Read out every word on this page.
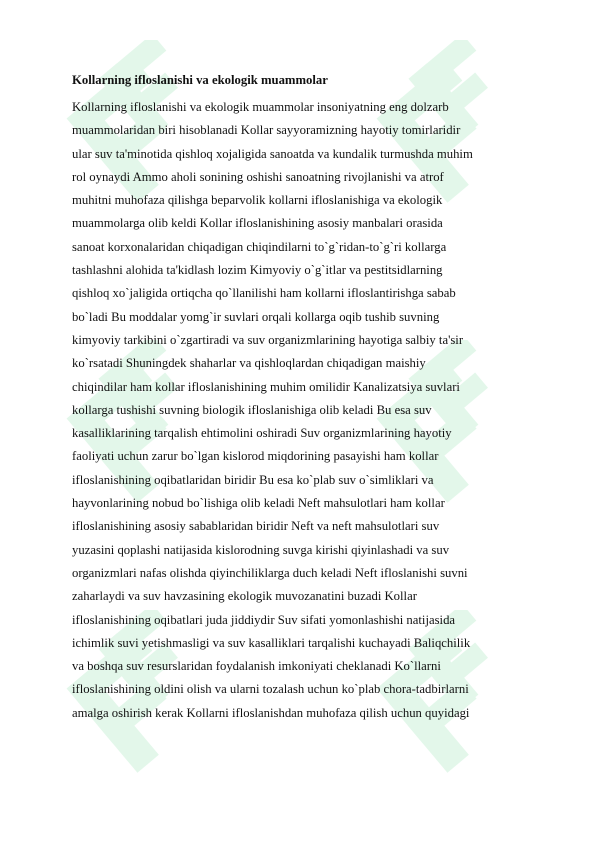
Kollarning ifloslanishi va ekologik muammolar
Kollarning ifloslanishi va ekologik muammolar insoniyatning eng dolzarb
muammolaridan biri hisoblanadi Kollar sayyoramizning hayotiy tomirlaridir
ular suv ta'minotida qishloq xojaligida sanoatda va kundalik turmushda muhim
rol oynaydi Ammo aholi sonining oshishi sanoatning rivojlanishi va atrof
muhitni muhofaza qilishga beparvolik kollarni ifloslanishiga va ekologik
muammolarga olib keldi Kollar ifloslanishining asosiy manbalari orasida
sanoat korxonalaridan chiqadigan chiqindilarni to`g`ridan-to`g`ri kollarga
tashlashni alohida ta'kidlash lozim Kimyoviy o`g`itlar va pestitsidlarning
qishloq xo`jaligida ortiqcha qo`llanilishi ham kollarni ifloslantirishga sabab
bo`ladi Bu moddalar yomg`ir suvlari orqali kollarga oqib tushib suvning
kimyoviy tarkibini o`zgartiradi va suv organizmlarining hayotiga salbiy ta'sir
ko`rsatadi Shuningdek shaharlar va qishloqlardan chiqadigan maishiy
chiqindilar ham kollar ifloslanishining muhim omilidir Kanalizatsiya suvlari
kollarga tushishi suvning biologik ifloslanishiga olib keladi Bu esa suv
kasalliklarining tarqalish ehtimolini oshiradi Suv organizmlarining hayotiy
faoliyati uchun zarur bo`lgan kislorod miqdorining pasayishi ham kollar
ifloslanishining oqibatlaridan biridir Bu esa ko`plab suv o`simliklari va
hayvonlarining nobud bo`lishiga olib keladi Neft mahsulotlari ham kollar
ifloslanishining asosiy sabablaridan biridir Neft va neft mahsulotlari suv
yuzasini qoplashi natijasida kislorodning suvga kirishi qiyinlashadi va suv
organizmlari nafas olishda qiyinchiliklarga duch keladi Neft ifloslanishi suvni
zaharlaydi va suv havzasining ekologik muvozanatini buzadi Kollar
ifloslanishining oqibatlari juda jiddiydir Suv sifati yomonlashishi natijasida
ichimlik suvi yetishmasligi va suv kasalliklari tarqalishi kuchayadi Baliqchilik
va boshqa suv resurslaridan foydalanish imkoniyati cheklanadi Ko`llarni
ifloslanishining oldini olish va ularni tozalash uchun ko`plab chora-tadbirlarni
amalga oshirish kerak Kollarni ifloslanishdan muhofaza qilish uchun quyidagi
